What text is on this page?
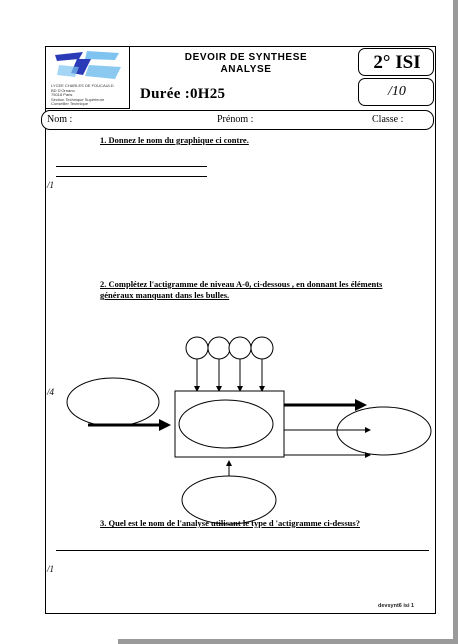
LYCEE CHARLES DE FOUCAULD
BD D'Ornano
75018 Paris
Section Technique Supérieure
Conseiller Technique
DEVOIR DE SYNTHESE
ANALYSE
Durée :0H25
2° ISI
/10
Nom :	Prénom :	Classe :
1. Donnez le nom du graphique ci contre.
/1
2. Complétez l'actigramme de niveau A-0, ci-dessous , en donnant les éléments
généraux manquant dans les bulles.
/4
3. Quel est le nom de l'analyse utilisant le type d 'actigramme ci-dessus?
/1
devsynt6 isi 1
